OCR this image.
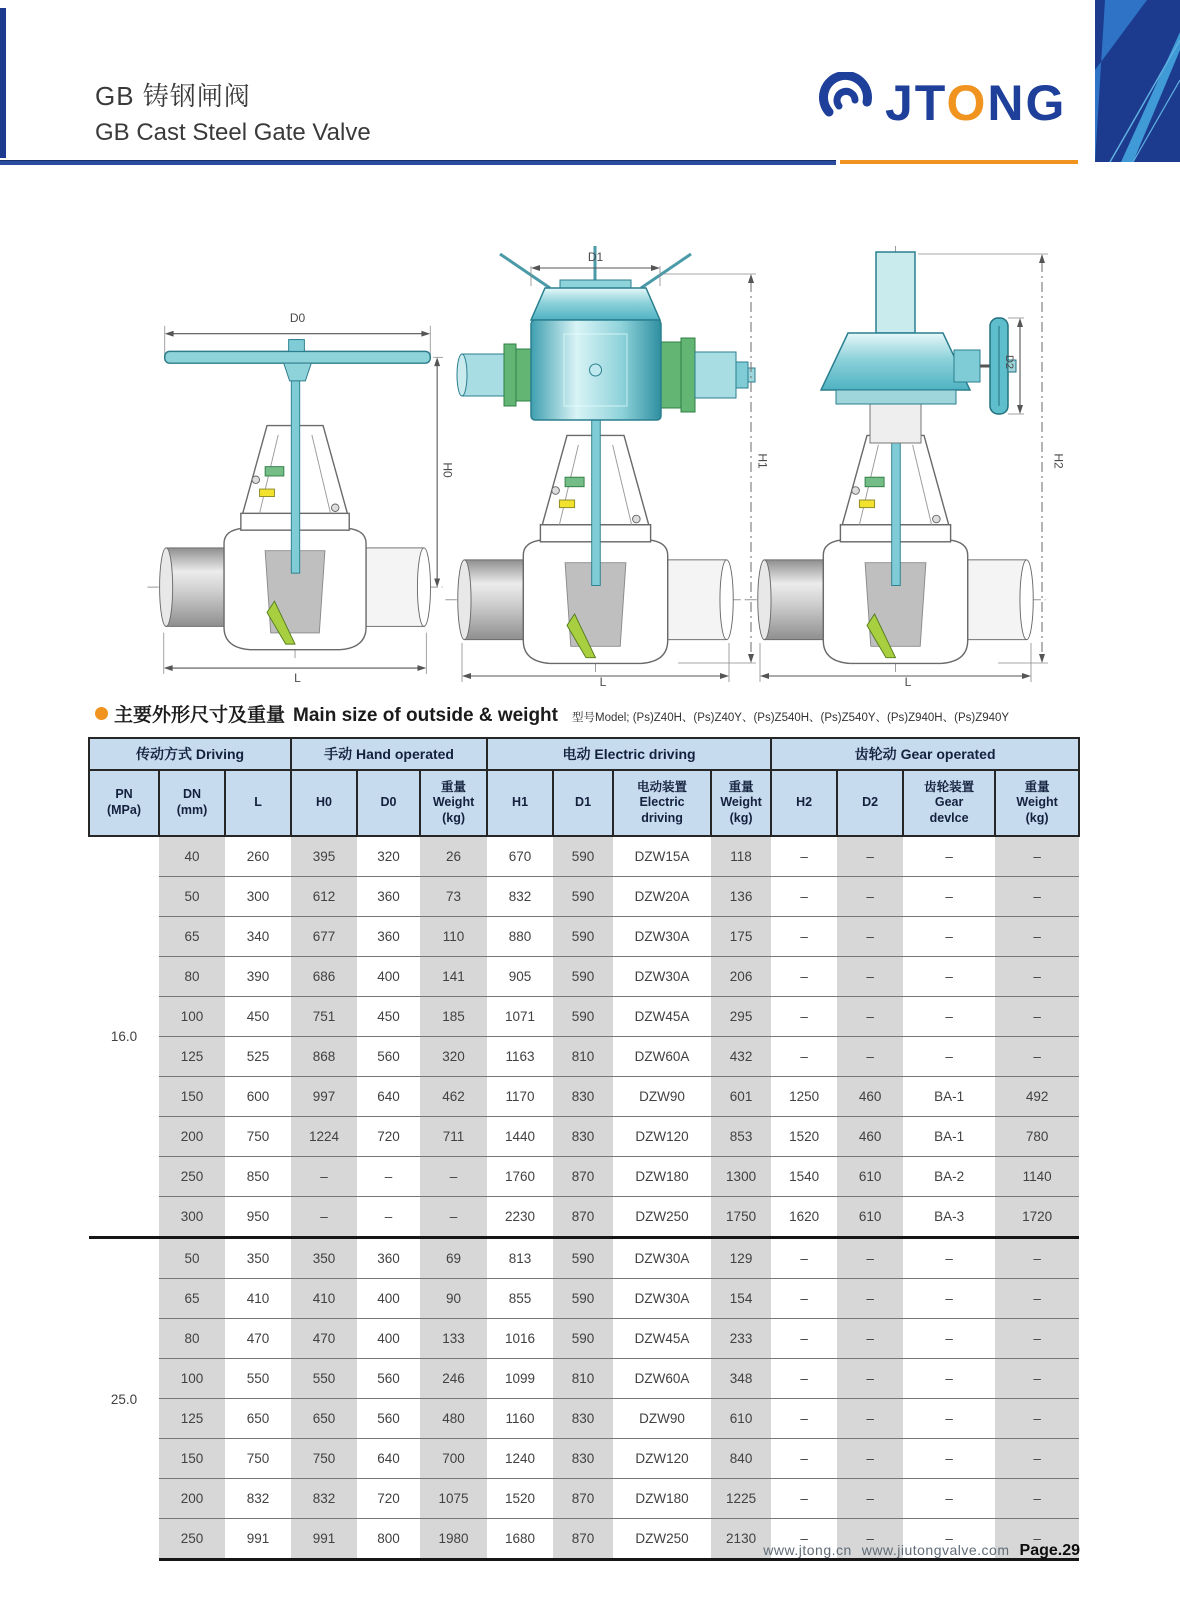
GB 铸钢闸阀
GB Cast Steel Gate Valve
JTONG
D0
H0
L
D1
H1
L
D2
H2
L
主要外形尺寸及重量 Main size of outside & weight 型号Model; (Ps)Z40H、(Ps)Z40Y、(Ps)Z540H、(Ps)Z540Y、(Ps)Z940H、(Ps)Z940Y
传动方式 Driving			手动 Hand operated			电动 Electric driving				齿轮动 Gear operated			
PN
(MPa)	DN
(mm)	L	H0	D0	重量
Weight
(kg)	H1	D1	电动装置
Electric
driving	重量
Weight
(kg)	H2	D2	齿轮装置
Gear
devlce	重量
Weight
(kg)
16.0	40	260	395	320	26	670	590	DZW15A	118	–	–	–	–
	50	300	612	360	73	832	590	DZW20A	136	–	–	–	–
	65	340	677	360	110	880	590	DZW30A	175	–	–	–	–
	80	390	686	400	141	905	590	DZW30A	206	–	–	–	–
	100	450	751	450	185	1071	590	DZW45A	295	–	–	–	–
	125	525	868	560	320	1163	810	DZW60A	432	–	–	–	–
	150	600	997	640	462	1170	830	DZW90	601	1250	460	BA-1	492
	200	750	1224	720	711	1440	830	DZW120	853	1520	460	BA-1	780
	250	850	–	–	–	1760	870	DZW180	1300	1540	610	BA-2	1140
	300	950	–	–	–	2230	870	DZW250	1750	1620	610	BA-3	1720
25.0	50	350	350	360	69	813	590	DZW30A	129	–	–	–	–
	65	410	410	400	90	855	590	DZW30A	154	–	–	–	–
	80	470	470	400	133	1016	590	DZW45A	233	–	–	–	–
	100	550	550	560	246	1099	810	DZW60A	348	–	–	–	–
	125	650	650	560	480	1160	830	DZW90	610	–	–	–	–
	150	750	750	640	700	1240	830	DZW120	840	–	–	–	–
	200	832	832	720	1075	1520	870	DZW180	1225	–	–	–	–
	250	991	991	800	1980	1680	870	DZW250	2130	–	–	–	–
www.jtong.cn www.jiutongvalve.com Page.29
